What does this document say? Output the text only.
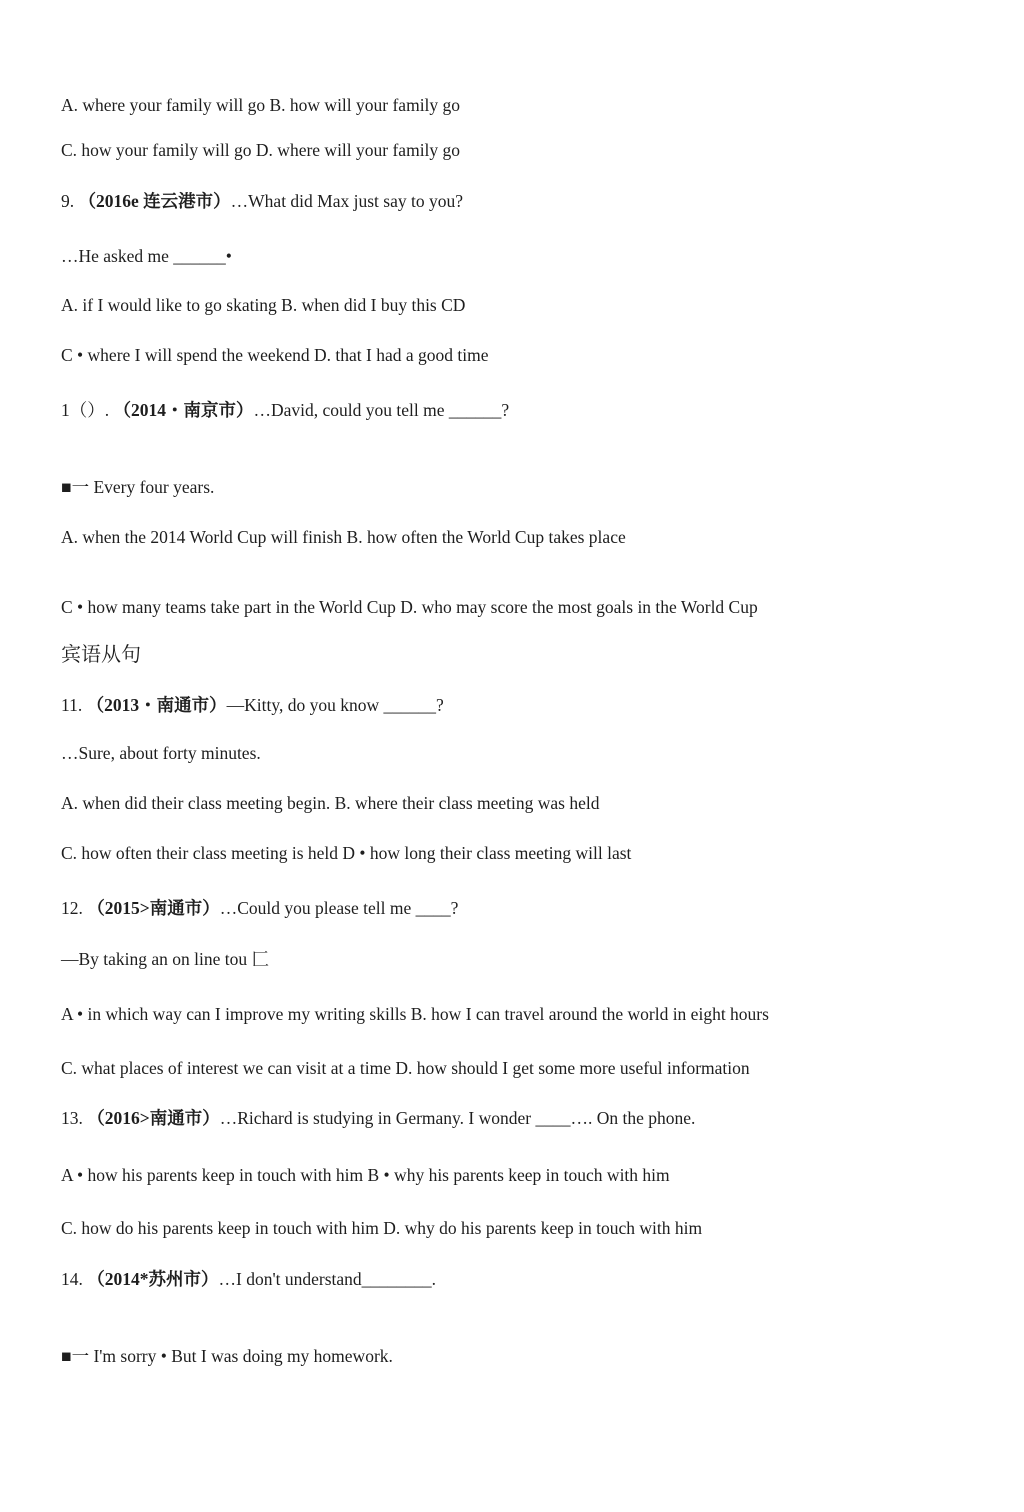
A. where your family will go B. how will your family go
C. how your family will go D. where will your family go
9. （2016e 连云港市）…What did Max just say to you?
…He asked me ______•
A. if I would like to go skating B. when did I buy this CD
C • where I will spend the weekend D. that I had a good time
1（）. （2014・南京市）…David, could you tell me ______?
■一 Every four years.
A. when the 2014 World Cup will finish B. how often the World Cup takes place
C • how many teams take part in the World Cup D. who may score the most goals in the World Cup
宾语从句
11. （2013・南通市）—Kitty, do you know ______?
…Sure, about forty minutes.
A. when did their class meeting begin. B. where their class meeting was held
C. how often their class meeting is held D • how long their class meeting will last
12. （2015>南通市）…Could you please tell me ____?
—By taking an on line tou 匚
A • in which way can I improve my writing skills B. how I can travel around the world in eight hours
C. what places of interest we can visit at a time D. how should I get some more useful information
13. （2016>南通市）…Richard is studying in Germany. I wonder ____…. On the phone.
A • how his parents keep in touch with him B • why his parents keep in touch with him
C. how do his parents keep in touch with him D. why do his parents keep in touch with him
14. （2014*苏州市）…I don't understand________.
■一 I'm sorry • But I was doing my homework.
